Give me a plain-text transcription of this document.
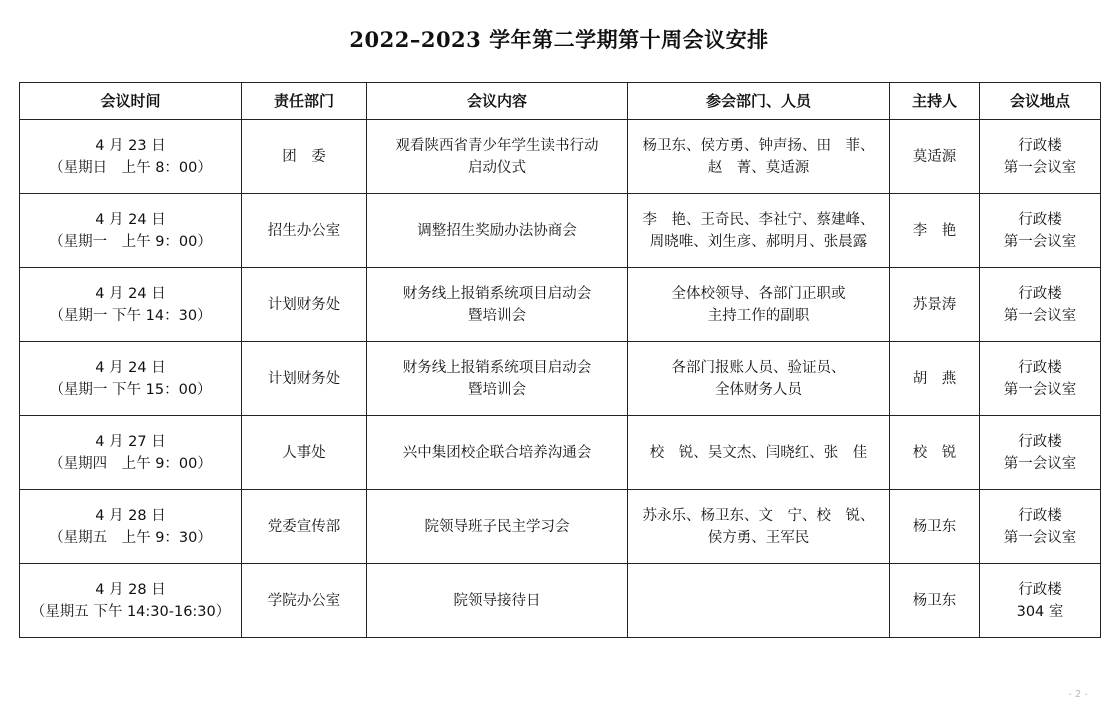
2022–2023 学年第二学期第十周会议安排
会议时间	责任部门	会议内容	参会部门、人员	主持人	会议地点

4 月 23 日
（星期日　上午 8：00）	团　委	观看陕西省青少年学生读书行动
启动仪式	杨卫东、侯方勇、钟声扬、田　菲、
赵　菁、莫适源	莫适源	行政楼
第一会议室

4 月 24 日
（星期一　上午 9：00）	招生办公室	调整招生奖励办法协商会	李　艳、王奇民、李社宁、蔡建峰、
周晓唯、刘生彦、郝明月、张晨露	李　艳	行政楼
第一会议室

4 月 24 日
（星期一 下午 14：30）	计划财务处	财务线上报销系统项目启动会
暨培训会	全体校领导、各部门正职或
主持工作的副职	苏景涛	行政楼
第一会议室

4 月 24 日
（星期一 下午 15：00）	计划财务处	财务线上报销系统项目启动会
暨培训会	各部门报账人员、验证员、
全体财务人员	胡　燕	行政楼
第一会议室

4 月 27 日
（星期四　上午 9：00）	人事处	兴中集团校企联合培养沟通会	校　锐、吴文杰、闫晓红、张　佳	校　锐	行政楼
第一会议室

4 月 28 日
（星期五　上午 9：30）	党委宣传部	院领导班子民主学习会	苏永乐、杨卫东、文　宁、校　锐、
侯方勇、王军民	杨卫东	行政楼
第一会议室

4 月 28 日
（星期五 下午 14:30-16:30）	学院办公室	院领导接待日		杨卫东	行政楼
304 室
- 2 -
